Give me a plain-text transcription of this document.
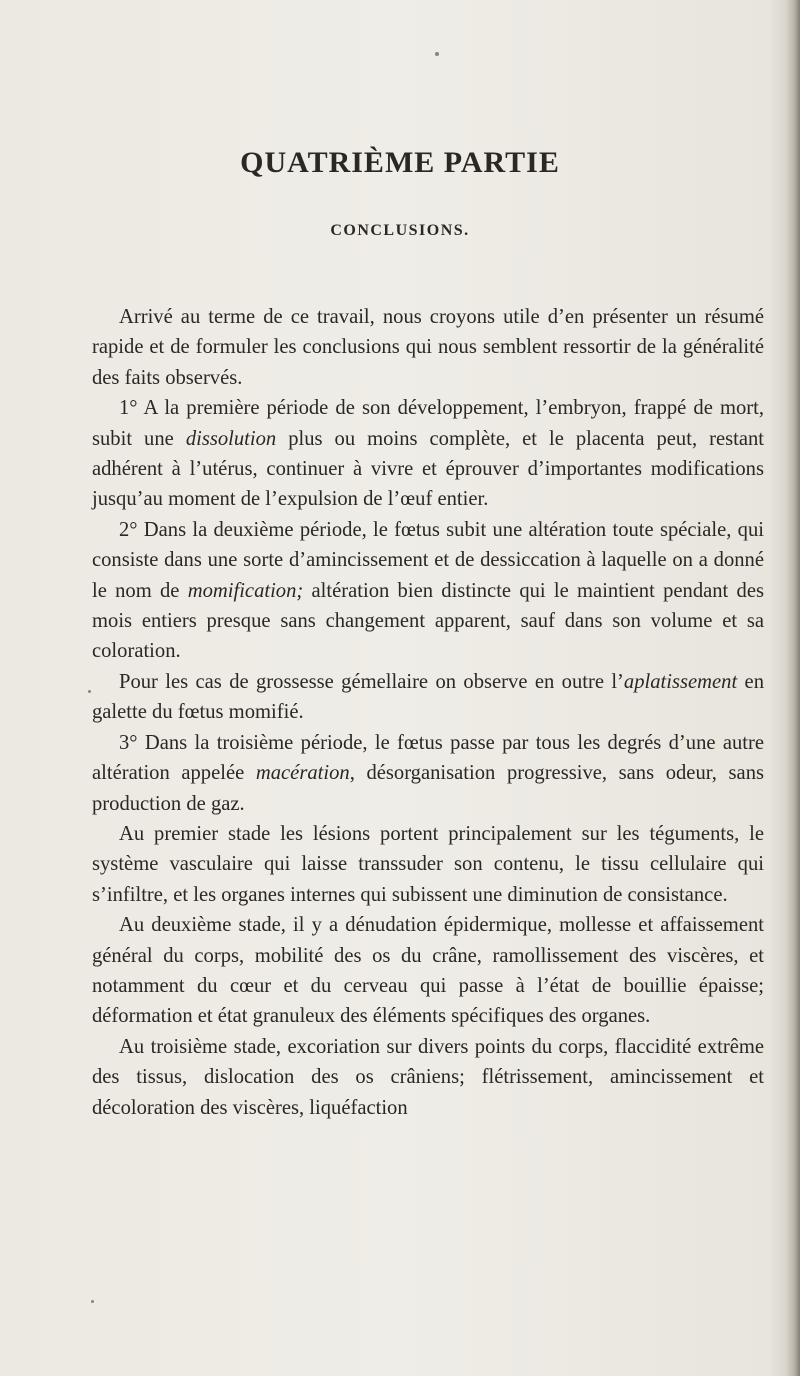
QUATRIÈME PARTIE
CONCLUSIONS.

Arrivé au terme de ce travail, nous croyons utile d’en présenter un résumé rapide et de formuler les conclusions qui nous semblent ressortir de la généralité des faits observés.

1° A la première période de son développement, l’embryon, frappé de mort, subit une dissolution plus ou moins complète, et le placenta peut, restant adhérent à l’utérus, continuer à vivre et éprouver d’importantes modifications jusqu’au moment de l’expulsion de l’œuf entier.

2° Dans la deuxième période, le fœtus subit une altération toute spéciale, qui consiste dans une sorte d’amincissement et de dessiccation à laquelle on a donné le nom de momification; altération bien distincte qui le maintient pendant des mois entiers presque sans changement apparent, sauf dans son volume et sa coloration.

Pour les cas de grossesse gémellaire on observe en outre l’aplatissement en galette du fœtus momifié.

3° Dans la troisième période, le fœtus passe par tous les degrés d’une autre altération appelée macération, désorganisation progressive, sans odeur, sans production de gaz.

Au premier stade les lésions portent principalement sur les téguments, le système vasculaire qui laisse transsuder son contenu, le tissu cellulaire qui s’infiltre, et les organes internes qui subissent une diminution de consistance.

Au deuxième stade, il y a dénudation épidermique, mollesse et affaissement général du corps, mobilité des os du crâne, ramollissement des viscères, et notamment du cœur et du cerveau qui passe à l’état de bouillie épaisse; déformation et état granuleux des éléments spécifiques des organes.

Au troisième stade, excoriation sur divers points du corps, flaccidité extrême des tissus, dislocation des os crâniens; flétrissement, amincissement et décoloration des viscères, liquéfaction
